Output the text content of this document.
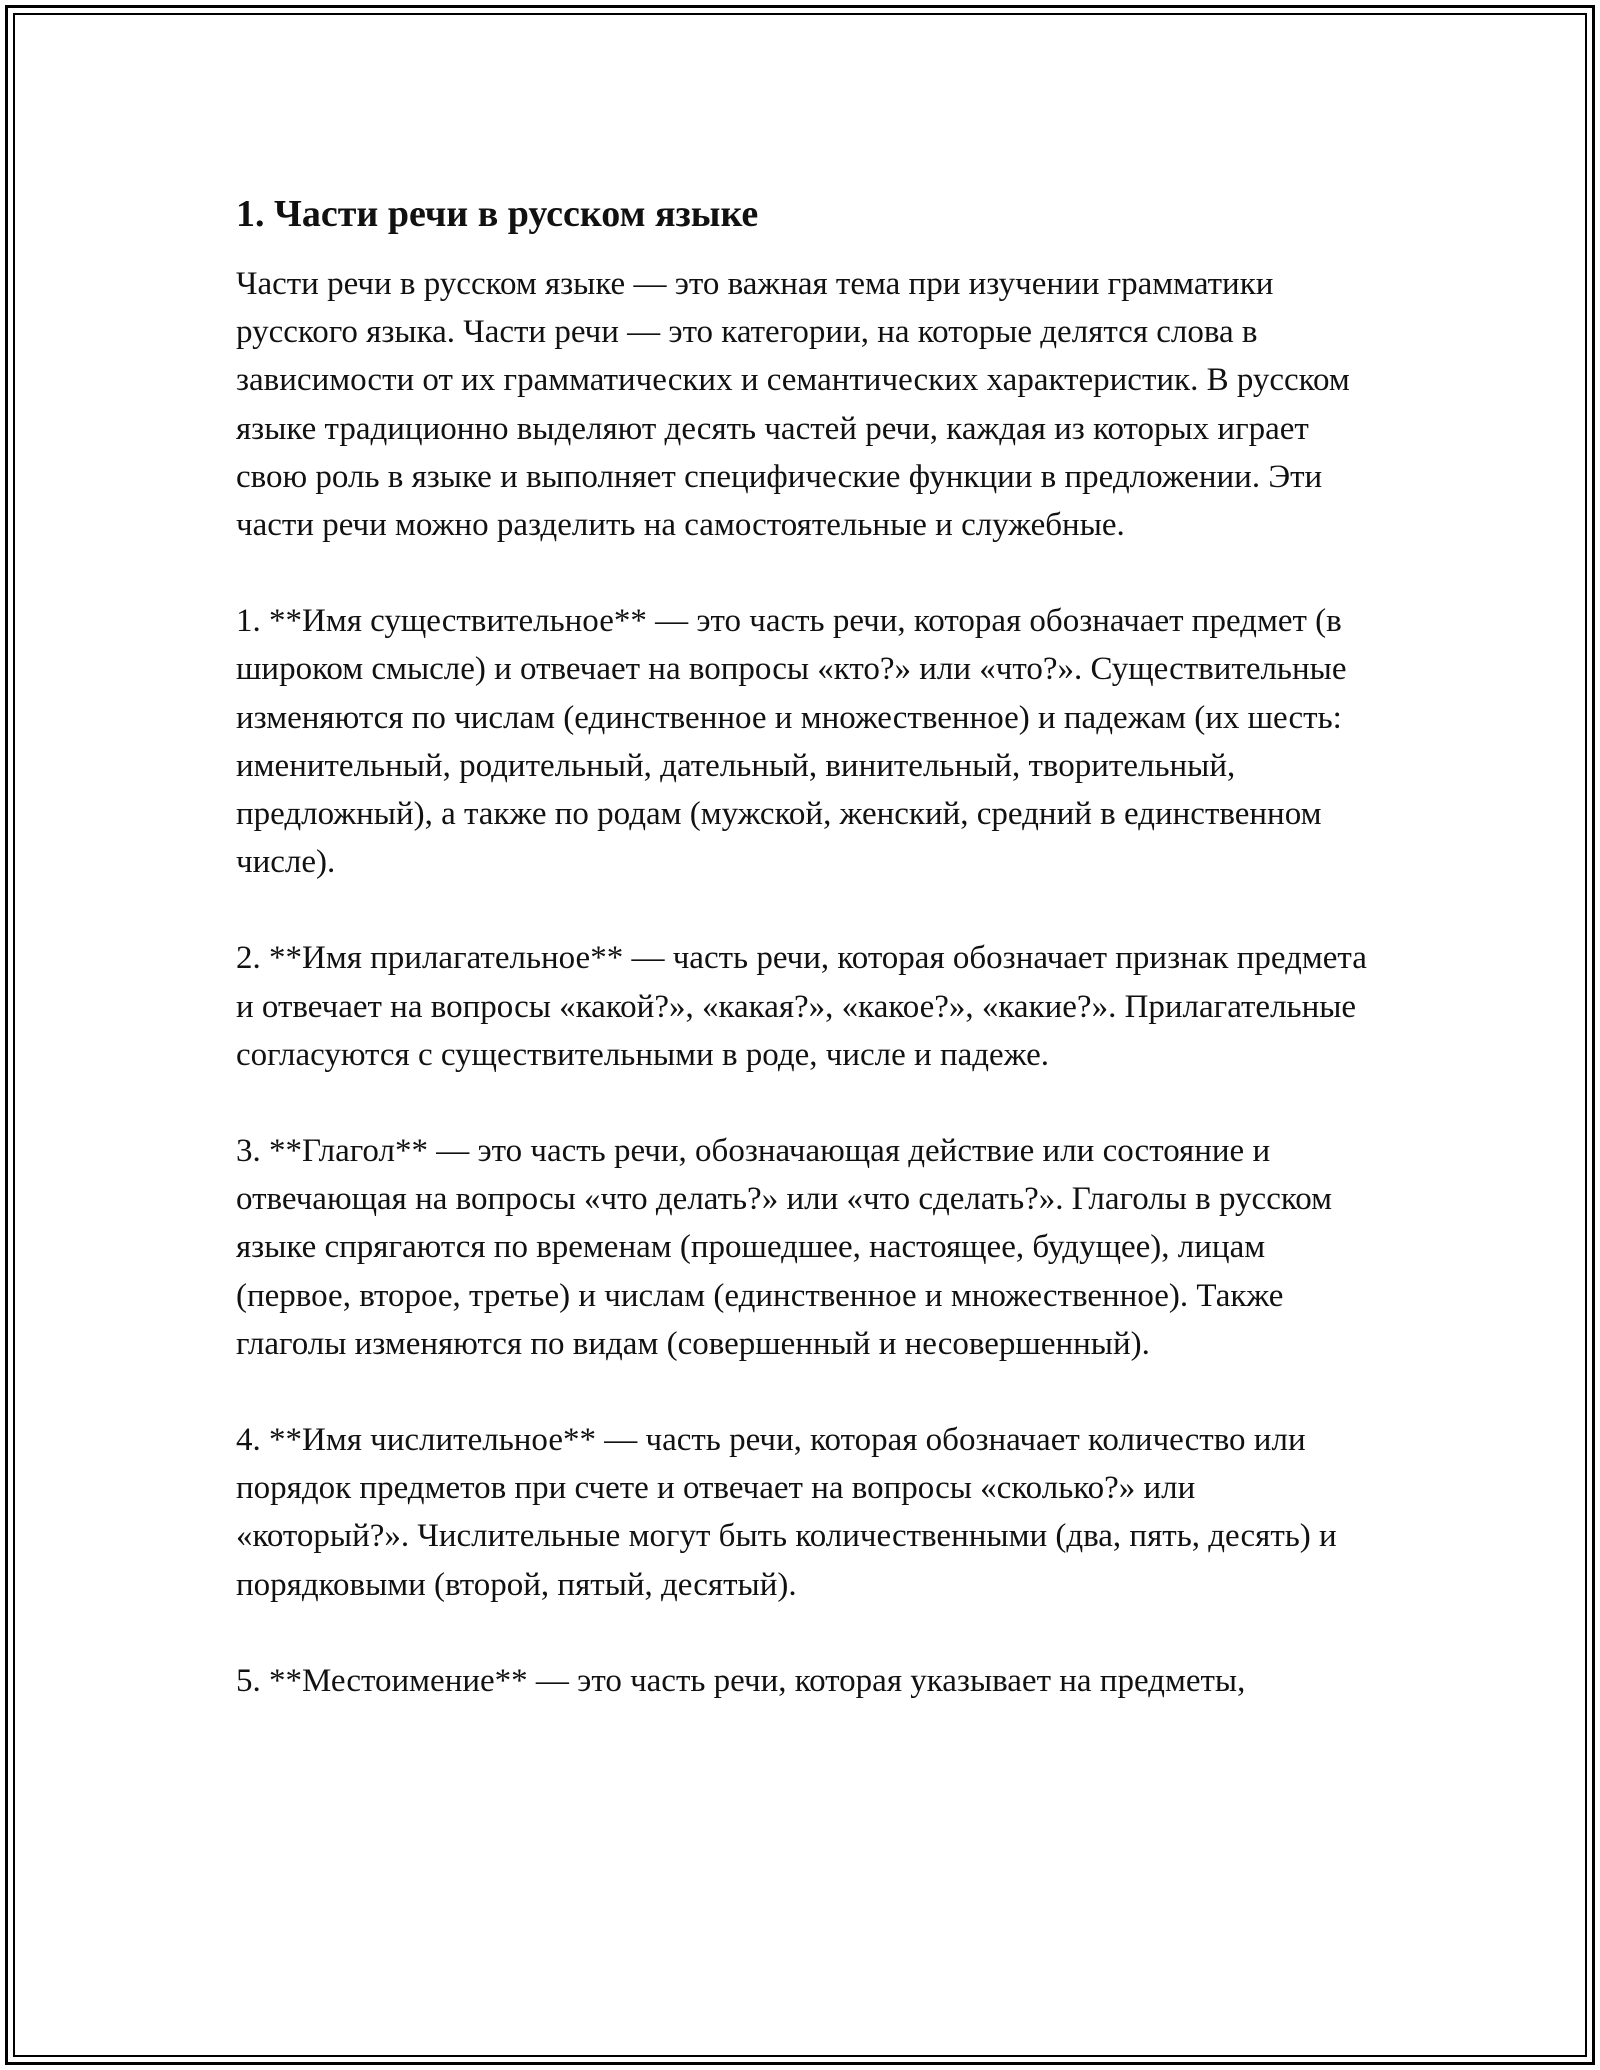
1. Части речи в русском языке

Части речи в русском языке — это важная тема при изучении грамматики русского языка. Части речи — это категории, на которые делятся слова в зависимости от их грамматических и семантических характеристик. В русском языке традиционно выделяют десять частей речи, каждая из которых играет свою роль в языке и выполняет специфические функции в предложении. Эти части речи можно разделить на самостоятельные и служебные.

1. **Имя существительное** — это часть речи, которая обозначает предмет (в широком смысле) и отвечает на вопросы «кто?» или «что?». Существительные изменяются по числам (единственное и множественное) и падежам (их шесть: именительный, родительный, дательный, винительный, творительный, предложный), а также по родам (мужской, женский, средний в единственном числе).

2. **Имя прилагательное** — часть речи, которая обозначает признак предмета и отвечает на вопросы «какой?», «какая?», «какое?», «какие?». Прилагательные согласуются с существительными в роде, числе и падеже.

3. **Глагол** — это часть речи, обозначающая действие или состояние и отвечающая на вопросы «что делать?» или «что сделать?». Глаголы в русском языке спрягаются по временам (прошедшее, настоящее, будущее), лицам (первое, второе, третье) и числам (единственное и множественное). Также глаголы изменяются по видам (совершенный и несовершенный).

4. **Имя числительное** — часть речи, которая обозначает количество или порядок предметов при счете и отвечает на вопросы «сколько?» или «который?». Числительные могут быть количественными (два, пять, десять) и порядковыми (второй, пятый, десятый).

5. **Местоимение** — это часть речи, которая указывает на предметы,
